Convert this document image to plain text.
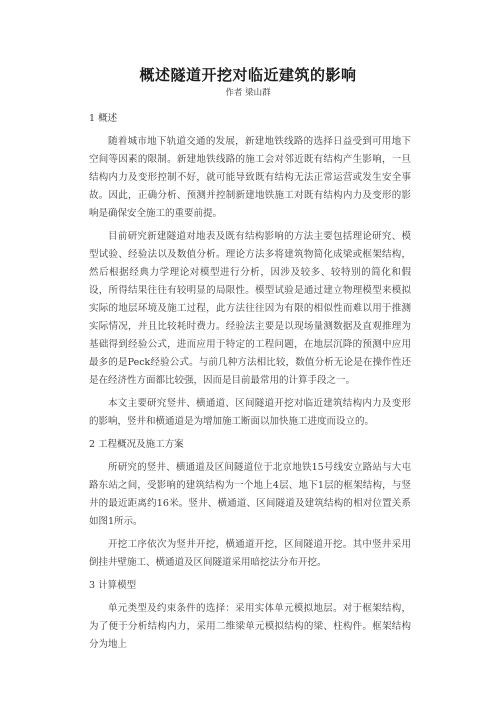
概述隧道开挖对临近建筑的影响
作者 梁山群

1 概述

随着城市地下轨道交通的发展，新建地铁线路的选择日益受到可用地下空间等因素的限制。新建地铁线路的施工会对邻近既有结构产生影响，一旦结构内力及变形控制不好，就可能导致既有结构无法正常运营或发生安全事故。因此，正确分析、预测并控制新建地铁施工对既有结构内力及变形的影响是确保安全施工的重要前提。

目前研究新建隧道对地表及既有结构影响的方法主要包括理论研究、模型试验、经验法以及数值分析。理论方法多将建筑物简化成梁或框架结构，然后根据经典力学理论对模型进行分析，因涉及较多、较特别的简化和假设，所得结果往往有较明显的局限性。模型试验是通过建立物理模型来模拟实际的地层环境及施工过程，此方法往往因为有限的相似性而难以用于推测实际情况，并且比较耗时费力。经验法主要是以现场量测数据及直观推理为基础得到经验公式，进而应用于特定的工程问题，在地层沉降的预测中应用最多的是Peck经验公式。与前几种方法相比较，数值分析无论是在操作性还是在经济性方面都比较强，因而是目前最常用的计算手段之一。

本文主要研究竖井、横通道、区间隧道开挖对临近建筑结构内力及变形的影响，竖井和横通道是为增加施工断面以加快施工进度而设立的。

2 工程概况及施工方案

所研究的竖井、横通道及区间隧道位于北京地铁15号线安立路站与大屯路东站之间，受影响的建筑结构为一个地上4层、地下1层的框架结构，与竖井的最近距离约16米。竖井、横通道、区间隧道及建筑结构的相对位置关系如图1所示。

开挖工序依次为竖井开挖，横通道开挖，区间隧道开挖。其中竖井采用倒挂井壁施工、横通道及区间隧道采用暗挖法分布开挖。

3 计算模型

单元类型及约束条件的选择：采用实体单元模拟地层。对于框架结构，为了便于分析结构内力，采用二维梁单元模拟结构的梁、柱构件。框架结构分为地上
